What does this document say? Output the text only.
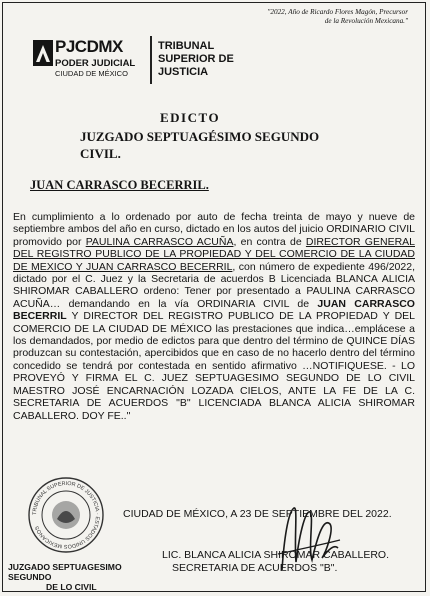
"2022, Año de Ricardo Flores Magón, Precursor
de la Revolución Mexicana."
PJCDMX
PODER JUDICIAL
CIUDAD DE MÉXICO
TRIBUNAL
SUPERIOR DE
JUSTICIA
EDICTO
JUZGADO SEPTUAGÉSIMO SEGUNDO
CIVIL.
JUAN CARRASCO BECERRIL.
En cumplimiento a lo ordenado por auto de fecha treinta de mayo y nueve de septiembre ambos del año en curso, dictado en los autos del juicio ORDINARIO CIVIL promovido por PAULINA CARRASCO ACUÑA, en contra de DIRECTOR GENERAL DEL REGISTRO PUBLICO DE LA PROPIEDAD Y DEL COMERCIO DE LA CIUDAD DE MEXICO Y JUAN CARRASCO BECERRIL, con número de expediente 496/2022, dictado por el C. Juez y la Secretaria de acuerdos B Licenciada BLANCA ALICIA SHIROMAR CABALLERO ordeno: Tener por presentado a PAULINA CARRASCO ACUÑA… demandando en la vía ORDINARIA CIVIL de JUAN CARRASCO BECERRIL Y DIRECTOR DEL REGISTRO PUBLICO DE LA PROPIEDAD Y DEL COMERCIO DE LA CIUDAD DE MÉXICO las prestaciones que indica…emplácese a los demandados, por medio de edictos para que dentro del término de QUINCE DÍAS produzcan su contestación, apercibidos que en caso de no hacerlo dentro del término concedido se tendrá por contestada en sentido afirmativo …NOTIFIQUESE. - LO PROVEYÓ Y FIRMA EL C. JUEZ SEPTUAGESIMO SEGUNDO DE LO CIVIL MAESTRO JOSÉ ENCARNACIÓN LOZADA CIELOS, ANTE LA FE DE LA C. SECRETARIA DE ACUERDOS "B" LICENCIADA BLANCA ALICIA SHIROMAR CABALLERO. DOY FE.."
TRIBUNAL SUPERIOR DE JUSTICIA · ESTADOS UNIDOS MEXICANOS
JUZGADO SEPTUAGESIMO SEGUNDO
DE LO CIVIL
CIUDAD DE MÉXICO, A 23 DE SEPTIEMBRE DEL 2022.
LIC. BLANCA ALICIA SHIROMAR CABALLERO.
SECRETARIA DE ACUERDOS "B".
